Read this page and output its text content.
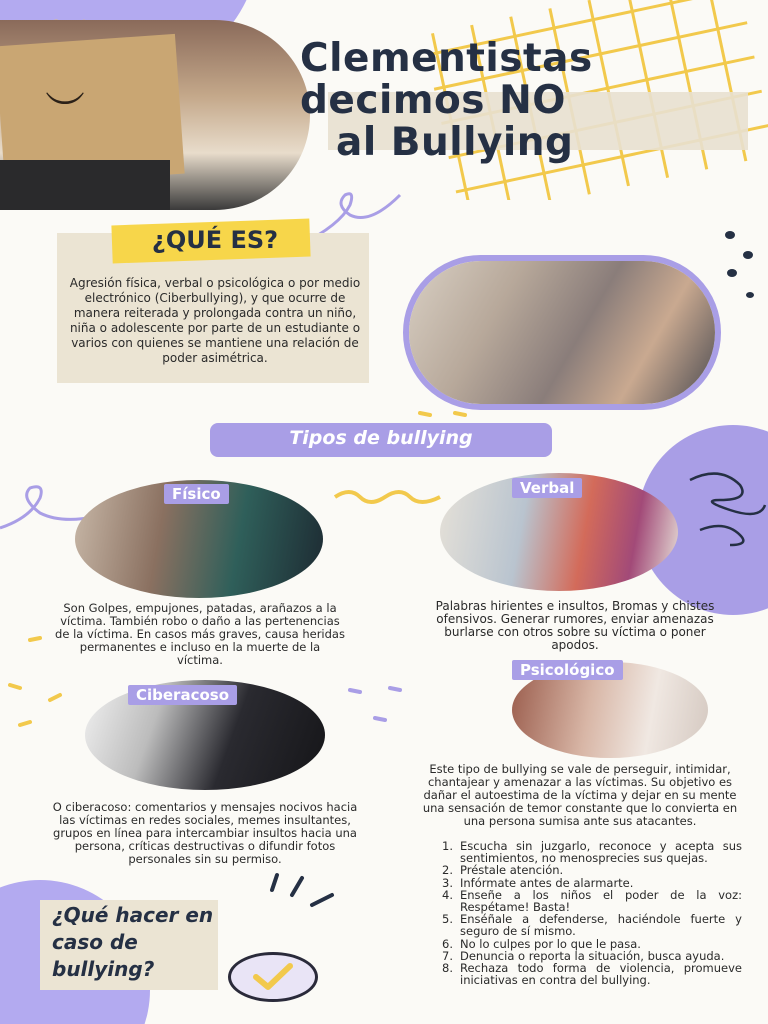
︶
Clementistas
decimos NO
al Bullying
¿QUÉ ES?

Agresión física, verbal o psicológica o por medio electrónico (Ciberbullying), y que ocurre de manera reiterada y prolongada contra un niño, niña o adolescente por parte de un estudiante o varios con quienes se mantiene una relación de poder asimétrica.

Tipos de bullying
Físico

Son Golpes, empujones, patadas, arañazos a la víctima. También robo o daño a las pertenencias de la víctima. En casos más graves, causa heridas permanentes e incluso en la muerte de la víctima.

Verbal

Palabras hirientes e insultos, Bromas y chistes ofensivos. Generar rumores, enviar amenazas burlarse con otros sobre su víctima o poner apodos.

Ciberacoso

O ciberacoso: comentarios y mensajes nocivos hacia las víctimas en redes sociales, memes insultantes, grupos en línea para intercambiar insultos hacia una persona, críticas destructivas o difundir fotos personales sin su permiso.

Psicológico

Este tipo de bullying se vale de perseguir, intimidar, chantajear y amenazar a las víctimas. Su objetivo es dañar el autoestima de la víctima y dejar en su mente una sensación de temor constante que lo convierta en una persona sumisa ante sus atacantes.

1. Escucha sin juzgarlo, reconoce y acepta sus sentimientos, no menosprecies sus quejas.
2. Préstale atención.
3. Infórmate antes de alarmarte.
4. Enseñe a los niños el poder de la voz: Respétame! Basta!
5. Enséñale a defenderse, haciéndole fuerte y seguro de sí mismo.
6. No lo culpes por lo que le pasa.
7. Denuncia o reporta la situación, busca ayuda.
8. Rechaza todo forma de violencia, promueve iniciativas en contra del bullying.
¿Qué hacer en
caso de
bullying?
